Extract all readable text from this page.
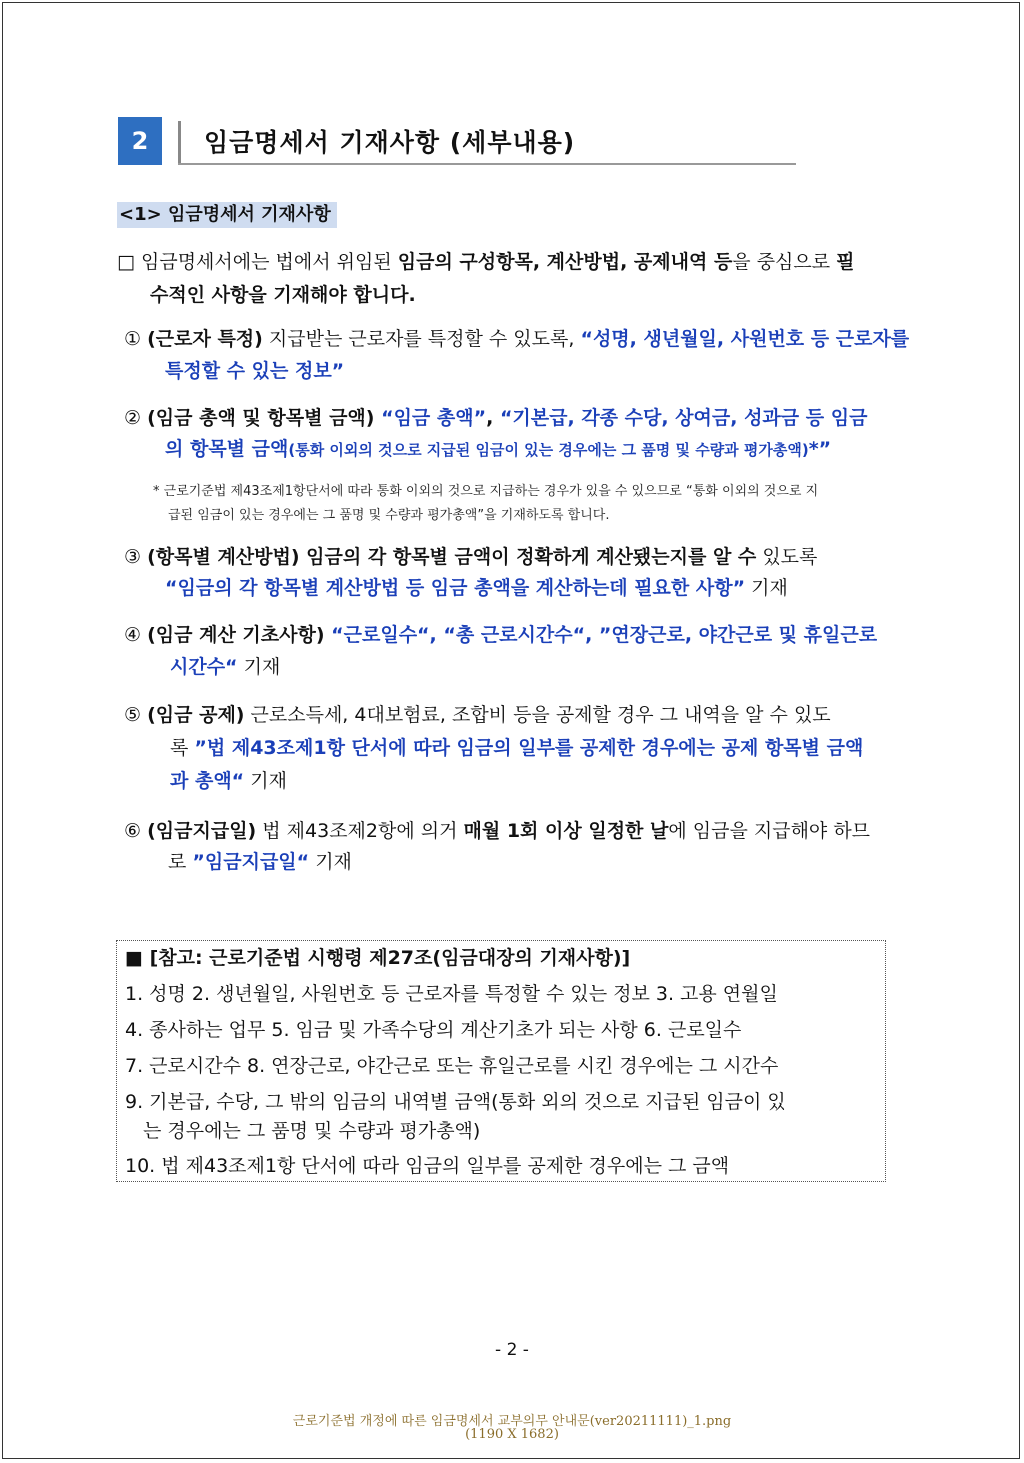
2	임금명세서 기재사항 (세부내용)
<1> 임금명세서 기재사항
□ 임금명세서에는 법에서 위임된 임금의 구성항목, 계산방법, 공제내역 등을 중심으로 필
수적인 사항을 기재해야 합니다.
① (근로자 특정) 지급받는 근로자를 특정할 수 있도록, “성명, 생년월일, 사원번호 등 근로자를
특정할 수 있는 정보”
② (임금 총액 및 항목별 금액) “임금 총액”, “기본급, 각종 수당, 상여금, 성과금 등 임금
의 항목별 금액(통화 이외의 것으로 지급된 임금이 있는 경우에는 그 품명 및 수량과 평가총액)*”
* 근로기준법 제43조제1항단서에 따라 통화 이외의 것으로 지급하는 경우가 있을 수 있으므로 “통화 이외의 것으로 지
급된 임금이 있는 경우에는 그 품명 및 수량과 평가총액”을 기재하도록 합니다.
③ (항목별 계산방법) 임금의 각 항목별 금액이 정확하게 계산됐는지를 알 수 있도록
“임금의 각 항목별 계산방법 등 임금 총액을 계산하는데 필요한 사항” 기재
④ (임금 계산 기초사항) “근로일수“, “총 근로시간수“, ”연장근로, 야간근로 및 휴일근로
시간수“ 기재
⑤ (임금 공제) 근로소득세, 4대보험료, 조합비 등을 공제할 경우 그 내역을 알 수 있도
록 ”법 제43조제1항 단서에 따라 임금의 일부를 공제한 경우에는 공제 항목별 금액
과 총액“ 기재
⑥ (임금지급일) 법 제43조제2항에 의거 매월 1회 이상 일정한 날에 임금을 지급해야 하므
로 ”임금지급일“ 기재
■ [참고: 근로기준법 시행령 제27조(임금대장의 기재사항)]
1. 성명 2. 생년월일, 사원번호 등 근로자를 특정할 수 있는 정보 3. 고용 연월일
4. 종사하는 업무 5. 임금 및 가족수당의 계산기초가 되는 사항 6. 근로일수
7. 근로시간수 8. 연장근로, 야간근로 또는 휴일근로를 시킨 경우에는 그 시간수
9. 기본급, 수당, 그 밖의 임금의 내역별 금액(통화 외의 것으로 지급된 임금이 있
는 경우에는 그 품명 및 수량과 평가총액)
10. 법 제43조제1항 단서에 따라 임금의 일부를 공제한 경우에는 그 금액
- 2 -
근로기준법 개정에 따른 임금명세서 교부의무 안내문(ver20211111)_1.png
(1190 X 1682)
